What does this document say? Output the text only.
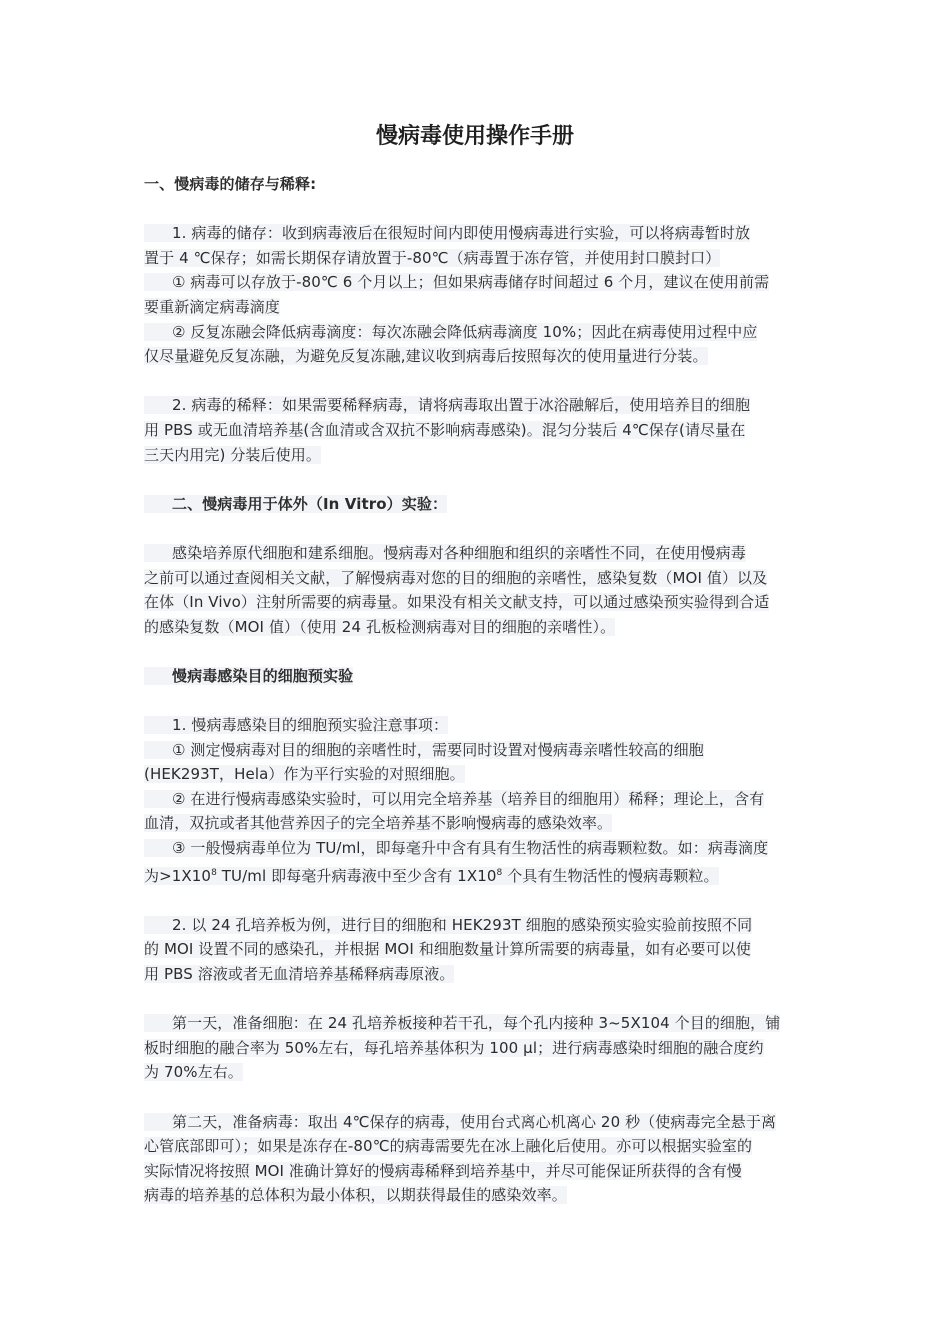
慢病毒使用操作手册
一、慢病毒的储存与稀释:
1. 病毒的储存：收到病毒液后在很短时间内即使用慢病毒进行实验，可以将病毒暂时放
置于 4 ℃保存；如需长期保存请放置于-80℃（病毒置于冻存管，并使用封口膜封口）
① 病毒可以存放于-80℃ 6 个月以上；但如果病毒储存时间超过 6 个月，建议在使用前需
要重新滴定病毒滴度
② 反复冻融会降低病毒滴度：每次冻融会降低病毒滴度 10%；因此在病毒使用过程中应
仅尽量避免反复冻融，为避免反复冻融,建议收到病毒后按照每次的使用量进行分装。
2. 病毒的稀释：如果需要稀释病毒，请将病毒取出置于冰浴融解后，使用培养目的细胞
用 PBS 或无血清培养基(含血清或含双抗不影响病毒感染)。混匀分装后 4℃保存(请尽量在
三天内用完) 分装后使用。
二、慢病毒用于体外（In Vitro）实验：
感染培养原代细胞和建系细胞。慢病毒对各种细胞和组织的亲嗜性不同，在使用慢病毒
之前可以通过查阅相关文献，了解慢病毒对您的目的细胞的亲嗜性，感染复数（MOI 值）以及
在体（In Vivo）注射所需要的病毒量。如果没有相关文献支持，可以通过感染预实验得到合适
的感染复数（MOI 值）（使用 24 孔板检测病毒对目的细胞的亲嗜性）。
慢病毒感染目的细胞预实验
1. 慢病毒感染目的细胞预实验注意事项：
① 测定慢病毒对目的细胞的亲嗜性时，需要同时设置对慢病毒亲嗜性较高的细胞
(HEK293T，Hela）作为平行实验的对照细胞。
② 在进行慢病毒感染实验时，可以用完全培养基（培养目的细胞用）稀释；理论上，含有
血清，双抗或者其他营养因子的完全培养基不影响慢病毒的感染效率。
③ 一般慢病毒单位为 TU/ml，即每毫升中含有具有生物活性的病毒颗粒数。如：病毒滴度
为$>1X10^8$ TU/ml 即每毫升病毒液中至少含有 $1X10^8$ 个具有生物活性的慢病毒颗粒。
2. 以 24 孔培养板为例，进行目的细胞和 HEK293T 细胞的感染预实验实验前按照不同
的 MOI 设置不同的感染孔，并根据 MOI 和细胞数量计算所需要的病毒量，如有必要可以使
用 PBS 溶液或者无血清培养基稀释病毒原液。
第一天，准备细胞：在 24 孔培养板接种若干孔，每个孔内接种 3~5X104 个目的细胞，铺
板时细胞的融合率为 50%左右，每孔培养基体积为 100 μl；进行病毒感染时细胞的融合度约
为 70%左右。
第二天，准备病毒：取出 4℃保存的病毒，使用台式离心机离心 20 秒（使病毒完全悬于离
心管底部即可）；如果是冻存在-80℃的病毒需要先在冰上融化后使用。亦可以根据实验室的
实际情况将按照 MOI 准确计算好的慢病毒稀释到培养基中，并尽可能保证所获得的含有慢
病毒的培养基的总体积为最小体积，以期获得最佳的感染效率。
